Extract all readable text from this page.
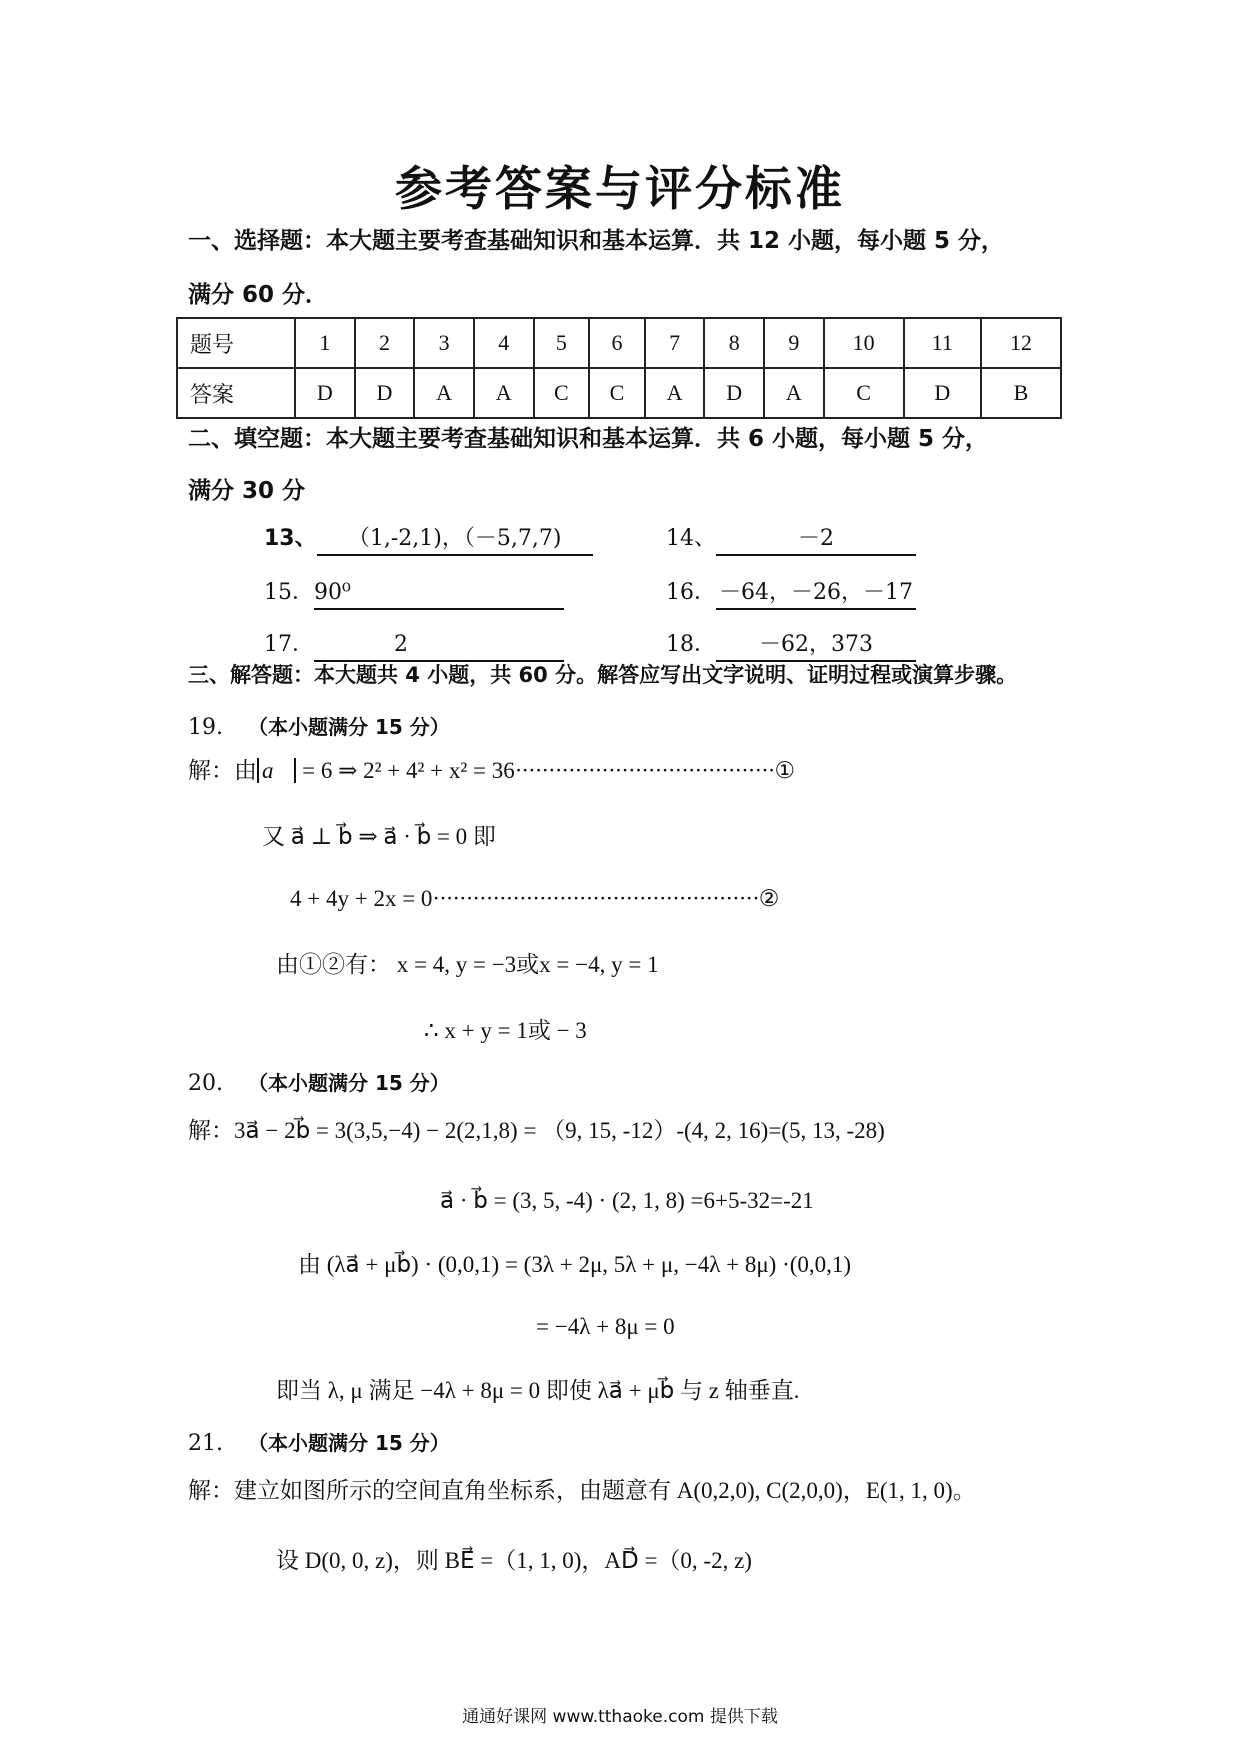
参考答案与评分标准
一、选择题：本大题主要考查基础知识和基本运算．共 12 小题，每小题 5 分，
满分 60 分．
题号	1	2	3	4	5	6	7	8	9	10	11	12
答案	D	D	A	A	C	C	A	D	A	C	D	B
二、填空题：本大题主要考查基础知识和基本运算．共 6 小题，每小题 5 分，
满分 30 分
13、 （1,-2,1)，（－5,7,7)	14、	－2
15．90⁰	16． －64，－26，－17
17．	2	18． －62，373
三、解答题：本大题共 4 小题，共 60 分。解答应写出文字说明、证明过程或演算步骤。
19. （本小题满分 15 分）
解：由 a⃗ = 6 ⇒ 2² + 4² + x² = 36·······································①
又 a⃗ ⊥ b⃗ ⇒ a⃗ · b⃗ = 0 即
4 + 4y + 2x = 0·················································②
由①②有： x = 4, y = −3或x = −4, y = 1
∴ x + y = 1或 − 3
20. （本小题满分 15 分）
解：3a⃗ − 2b⃗ = 3(3,5,−4) − 2(2,1,8) = （9, 15, -12）-(4, 2, 16)=(5, 13, -28)
a⃗ · b⃗ = (3, 5, -4) · (2, 1, 8) =6+5-32=-21
由 (λa⃗ + μb⃗) · (0,0,1) = (3λ + 2μ, 5λ + μ, −4λ + 8μ) ·(0,0,1)
= −4λ + 8μ = 0
即当 λ, μ 满足 −4λ + 8μ = 0 即使 λa⃗ + μb⃗ 与 z 轴垂直.
21. （本小题满分 15 分）
解：建立如图所示的空间直角坐标系，由题意有 A(0,2,0), C(2,0,0)，E(1, 1, 0)。
设 D(0, 0, z)，则 BE⃗ =（1, 1, 0)，AD⃗ =（0, -2, z)
通通好课网 www.tthaoke.com 提供下载
